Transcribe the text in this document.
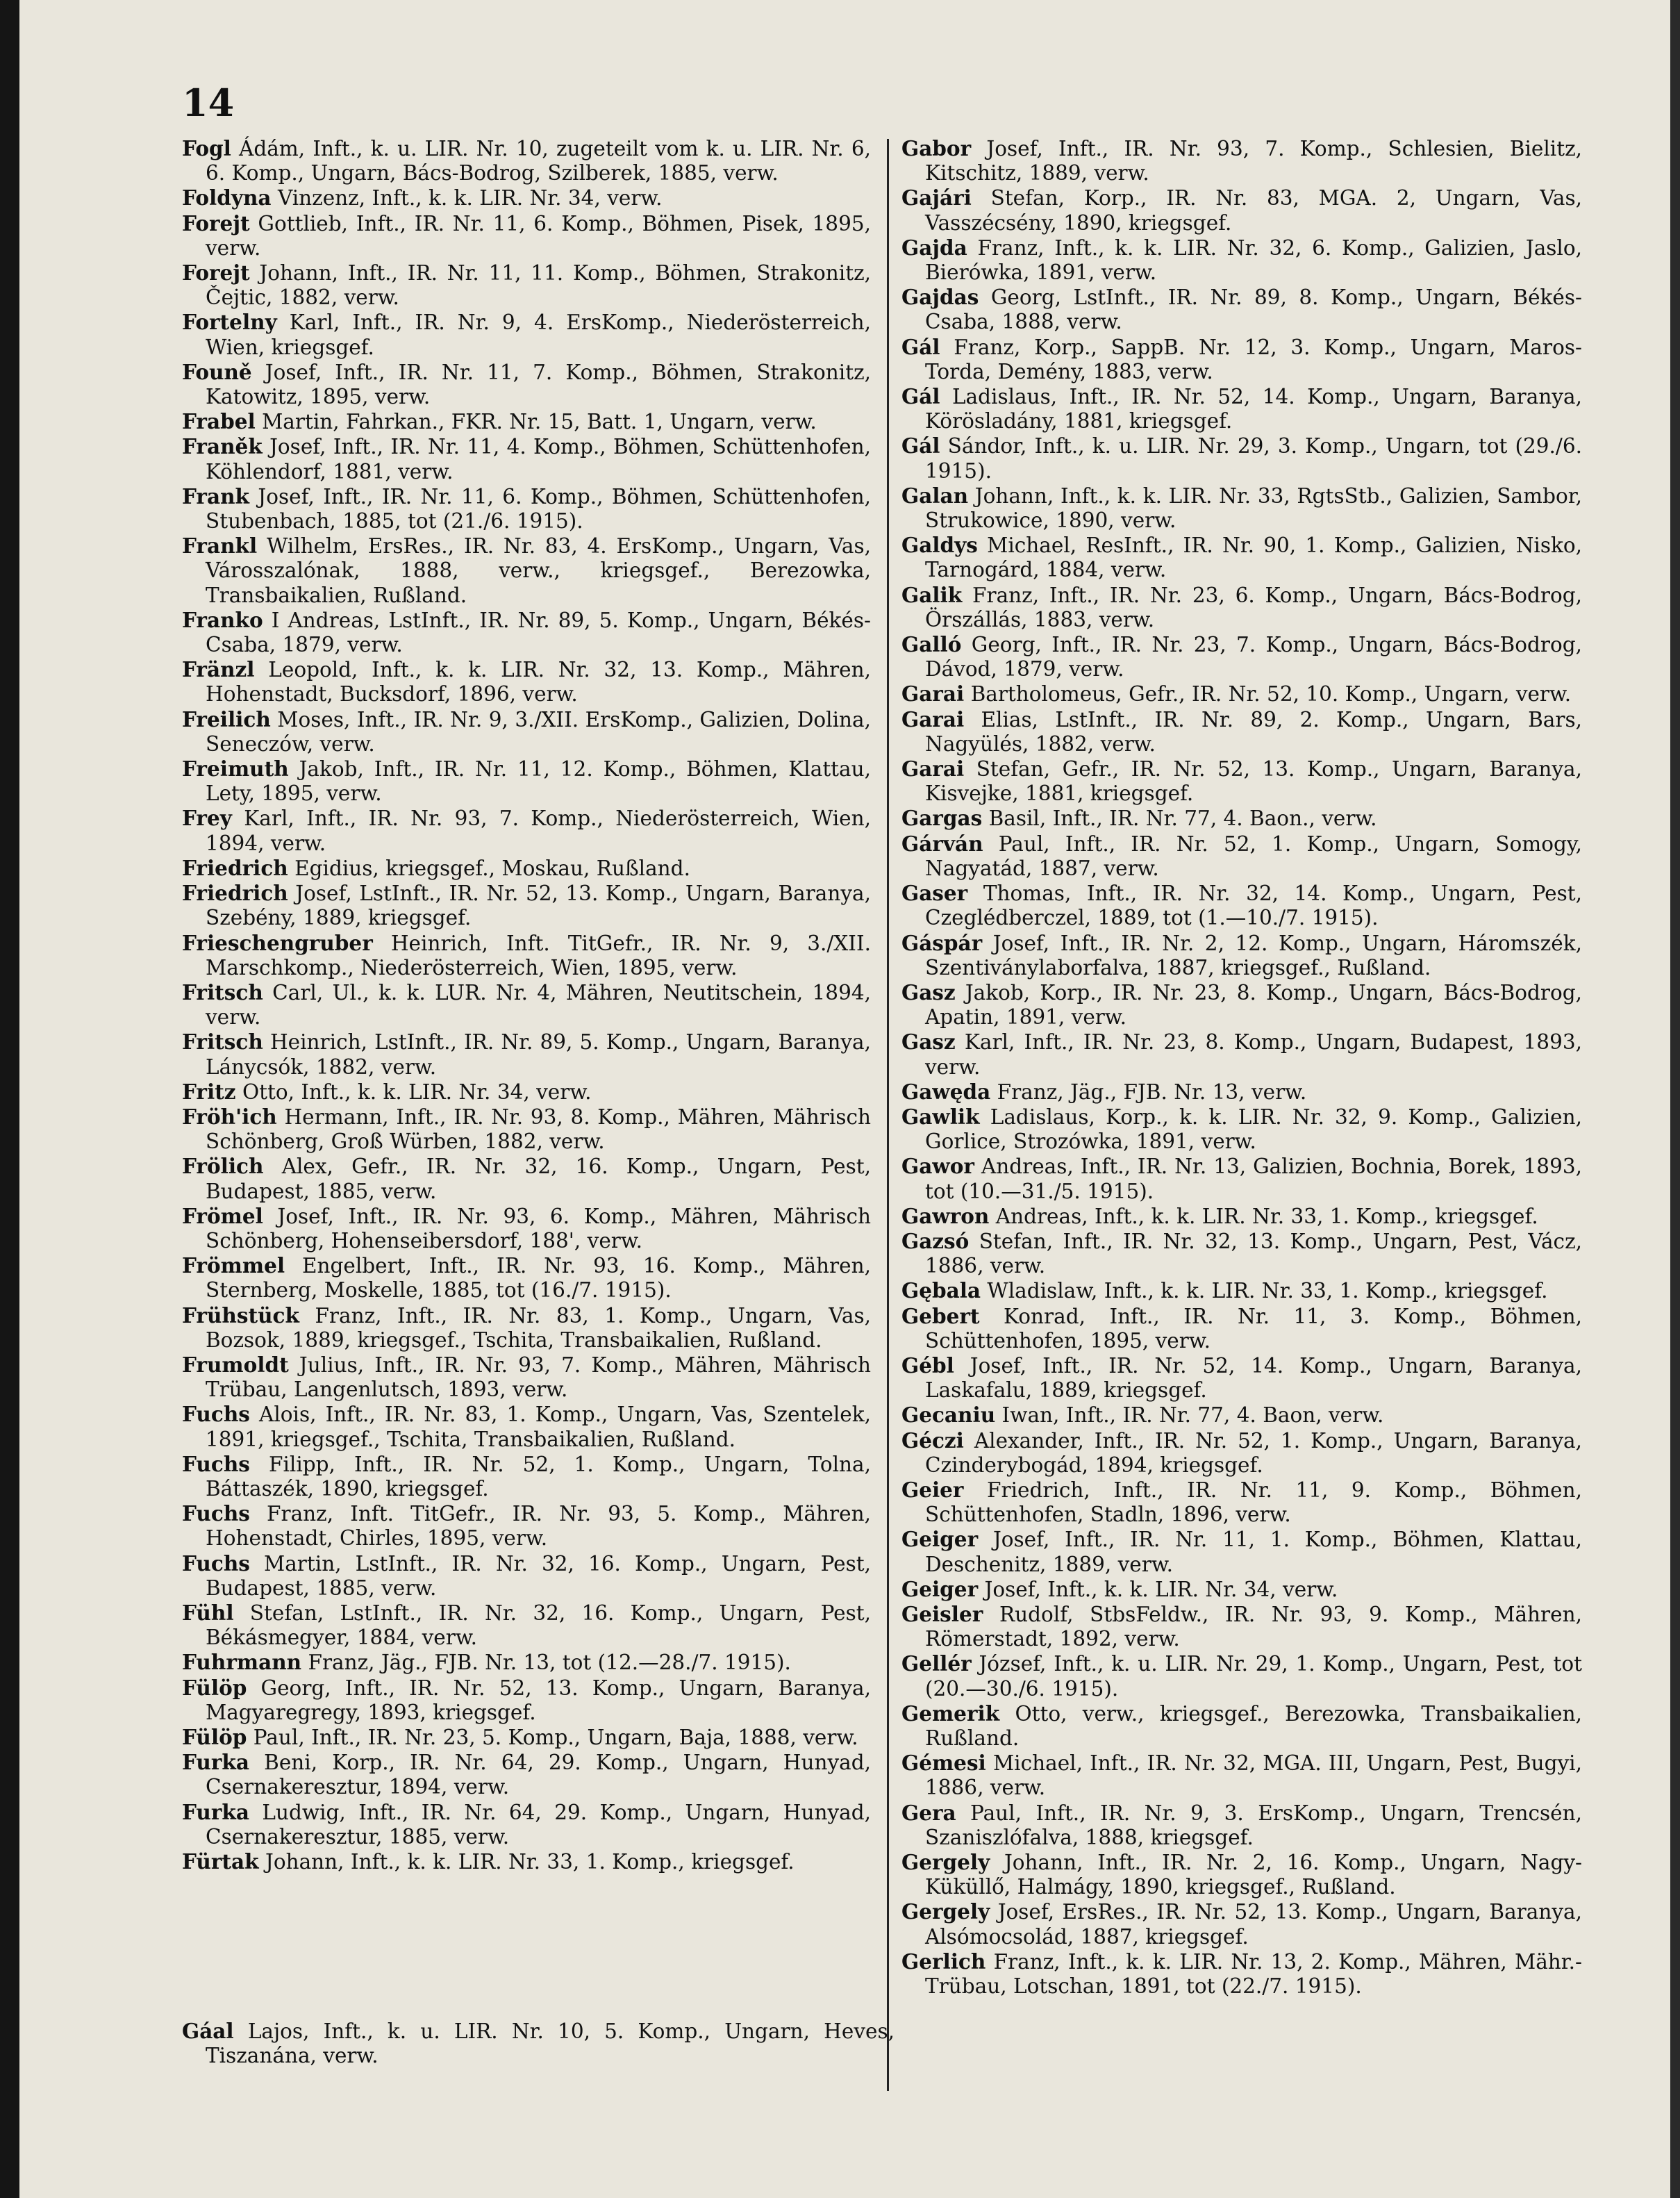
14
Fogl Ádám, Inft., k. u. LIR. Nr. 10, zugeteilt vom k. u. LIR. Nr. 6, 6. Komp., Ungarn, Bács-Bodrog, Szilberek, 1885, verw.
Foldyna Vinzenz, Inft., k. k. LIR. Nr. 34, verw.
Forejt Gottlieb, Inft., IR. Nr. 11, 6. Komp., Böhmen, Pisek, 1895, verw.
Forejt Johann, Inft., IR. Nr. 11, 11. Komp., Böhmen, Strakonitz, Čejtic, 1882, verw.
Fortelny Karl, Inft., IR. Nr. 9, 4. ErsKomp., Niederösterreich, Wien, kriegsgef.
Founě Josef, Inft., IR. Nr. 11, 7. Komp., Böhmen, Strakonitz, Katowitz, 1895, verw.
Frabel Martin, Fahrkan., FKR. Nr. 15, Batt. 1, Ungarn, verw.
Franěk Josef, Inft., IR. Nr. 11, 4. Komp., Böhmen, Schüttenhofen, Köhlendorf, 1881, verw.
Frank Josef, Inft., IR. Nr. 11, 6. Komp., Böhmen, Schüttenhofen, Stubenbach, 1885, tot (21./6. 1915).
Frankl Wilhelm, ErsRes., IR. Nr. 83, 4. ErsKomp., Ungarn, Vas, Városszalónak, 1888, verw., kriegsgef., Berezowka, Transbaikalien, Rußland.
Franko I Andreas, LstInft., IR. Nr. 89, 5. Komp., Ungarn, Békés-Csaba, 1879, verw.
Fränzl Leopold, Inft., k. k. LIR. Nr. 32, 13. Komp., Mähren, Hohenstadt, Bucksdorf, 1896, verw.
Freilich Moses, Inft., IR. Nr. 9, 3./XII. ErsKomp., Galizien, Dolina, Seneczów, verw.
Freimuth Jakob, Inft., IR. Nr. 11, 12. Komp., Böhmen, Klattau, Lety, 1895, verw.
Frey Karl, Inft., IR. Nr. 93, 7. Komp., Niederösterreich, Wien, 1894, verw.
Friedrich Egidius, kriegsgef., Moskau, Rußland.
Friedrich Josef, LstInft., IR. Nr. 52, 13. Komp., Ungarn, Baranya, Szebény, 1889, kriegsgef.
Frieschengruber Heinrich, Inft. TitGefr., IR. Nr. 9, 3./XII. Marschkomp., Niederösterreich, Wien, 1895, verw.
Fritsch Carl, Ul., k. k. LUR. Nr. 4, Mähren, Neutitschein, 1894, verw.
Fritsch Heinrich, LstInft., IR. Nr. 89, 5. Komp., Ungarn, Baranya, Lánycsók, 1882, verw.
Fritz Otto, Inft., k. k. LIR. Nr. 34, verw.
Fröh'ich Hermann, Inft., IR. Nr. 93, 8. Komp., Mähren, Mährisch Schönberg, Groß Würben, 1882, verw.
Frölich Alex, Gefr., IR. Nr. 32, 16. Komp., Ungarn, Pest, Budapest, 1885, verw.
Frömel Josef, Inft., IR. Nr. 93, 6. Komp., Mähren, Mährisch Schönberg, Hohenseibersdorf, 188', verw.
Frömmel Engelbert, Inft., IR. Nr. 93, 16. Komp., Mähren, Sternberg, Moskelle, 1885, tot (16./7. 1915).
Frühstück Franz, Inft., IR. Nr. 83, 1. Komp., Ungarn, Vas, Bozsok, 1889, kriegsgef., Tschita, Transbaikalien, Rußland.
Frumoldt Julius, Inft., IR. Nr. 93, 7. Komp., Mähren, Mährisch Trübau, Langenlutsch, 1893, verw.
Fuchs Alois, Inft., IR. Nr. 83, 1. Komp., Ungarn, Vas, Szentelek, 1891, kriegsgef., Tschita, Transbaikalien, Rußland.
Fuchs Filipp, Inft., IR. Nr. 52, 1. Komp., Ungarn, Tolna, Báttaszék, 1890, kriegsgef.
Fuchs Franz, Inft. TitGefr., IR. Nr. 93, 5. Komp., Mähren, Hohenstadt, Chirles, 1895, verw.
Fuchs Martin, LstInft., IR. Nr. 32, 16. Komp., Ungarn, Pest, Budapest, 1885, verw.
Fühl Stefan, LstInft., IR. Nr. 32, 16. Komp., Ungarn, Pest, Békásmegyer, 1884, verw.
Fuhrmann Franz, Jäg., FJB. Nr. 13, tot (12.—28./7. 1915).
Fülöp Georg, Inft., IR. Nr. 52, 13. Komp., Ungarn, Baranya, Magyaregregy, 1893, kriegsgef.
Fülöp Paul, Inft., IR. Nr. 23, 5. Komp., Ungarn, Baja, 1888, verw.
Furka Beni, Korp., IR. Nr. 64, 29. Komp., Ungarn, Hunyad, Csernakeresztur, 1894, verw.
Furka Ludwig, Inft., IR. Nr. 64, 29. Komp., Ungarn, Hunyad, Csernakeresztur, 1885, verw.
Fürtak Johann, Inft., k. k. LIR. Nr. 33, 1. Komp., kriegsgef.
Gabor Josef, Inft., IR. Nr. 93, 7. Komp., Schlesien, Bielitz, Kitschitz, 1889, verw.
Gajári Stefan, Korp., IR. Nr. 83, MGA. 2, Ungarn, Vas, Vasszécsény, 1890, kriegsgef.
Gajda Franz, Inft., k. k. LIR. Nr. 32, 6. Komp., Galizien, Jaslo, Bierówka, 1891, verw.
Gajdas Georg, LstInft., IR. Nr. 89, 8. Komp., Ungarn, Békés-Csaba, 1888, verw.
Gál Franz, Korp., SappB. Nr. 12, 3. Komp., Ungarn, Maros-Torda, Demény, 1883, verw.
Gál Ladislaus, Inft., IR. Nr. 52, 14. Komp., Ungarn, Baranya, Körösladány, 1881, kriegsgef.
Gál Sándor, Inft., k. u. LIR. Nr. 29, 3. Komp., Ungarn, tot (29./6. 1915).
Galan Johann, Inft., k. k. LIR. Nr. 33, RgtsStb., Galizien, Sambor, Strukowice, 1890, verw.
Galdys Michael, ResInft., IR. Nr. 90, 1. Komp., Galizien, Nisko, Tarnogárd, 1884, verw.
Galik Franz, Inft., IR. Nr. 23, 6. Komp., Ungarn, Bács-Bodrog, Örszállás, 1883, verw.
Galló Georg, Inft., IR. Nr. 23, 7. Komp., Ungarn, Bács-Bodrog, Dávod, 1879, verw.
Garai Bartholomeus, Gefr., IR. Nr. 52, 10. Komp., Ungarn, verw.
Garai Elias, LstInft., IR. Nr. 89, 2. Komp., Ungarn, Bars, Nagyülés, 1882, verw.
Garai Stefan, Gefr., IR. Nr. 52, 13. Komp., Ungarn, Baranya, Kisvejke, 1881, kriegsgef.
Gargas Basil, Inft., IR. Nr. 77, 4. Baon., verw.
Gárván Paul, Inft., IR. Nr. 52, 1. Komp., Ungarn, Somogy, Nagyatád, 1887, verw.
Gaser Thomas, Inft., IR. Nr. 32, 14. Komp., Ungarn, Pest, Czeglédberczel, 1889, tot (1.—10./7. 1915).
Gáspár Josef, Inft., IR. Nr. 2, 12. Komp., Ungarn, Háromszék, Szentiványlaborfalva, 1887, kriegsgef., Rußland.
Gasz Jakob, Korp., IR. Nr. 23, 8. Komp., Ungarn, Bács-Bodrog, Apatin, 1891, verw.
Gasz Karl, Inft., IR. Nr. 23, 8. Komp., Ungarn, Budapest, 1893, verw.
Gawęda Franz, Jäg., FJB. Nr. 13, verw.
Gawlik Ladislaus, Korp., k. k. LIR. Nr. 32, 9. Komp., Galizien, Gorlice, Strozówka, 1891, verw.
Gawor Andreas, Inft., IR. Nr. 13, Galizien, Bochnia, Borek, 1893, tot (10.—31./5. 1915).
Gawron Andreas, Inft., k. k. LIR. Nr. 33, 1. Komp., kriegsgef.
Gazsó Stefan, Inft., IR. Nr. 32, 13. Komp., Ungarn, Pest, Vácz, 1886, verw.
Gębala Wladislaw, Inft., k. k. LIR. Nr. 33, 1. Komp., kriegsgef.
Gebert Konrad, Inft., IR. Nr. 11, 3. Komp., Böhmen, Schüttenhofen, 1895, verw.
Gébl Josef, Inft., IR. Nr. 52, 14. Komp., Ungarn, Baranya, Laskafalu, 1889, kriegsgef.
Gecaniu Iwan, Inft., IR. Nr. 77, 4. Baon, verw.
Géczi Alexander, Inft., IR. Nr. 52, 1. Komp., Ungarn, Baranya, Czinderybogád, 1894, kriegsgef.
Geier Friedrich, Inft., IR. Nr. 11, 9. Komp., Böhmen, Schüttenhofen, Stadln, 1896, verw.
Geiger Josef, Inft., IR. Nr. 11, 1. Komp., Böhmen, Klattau, Deschenitz, 1889, verw.
Geiger Josef, Inft., k. k. LIR. Nr. 34, verw.
Geisler Rudolf, StbsFeldw., IR. Nr. 93, 9. Komp., Mähren, Römerstadt, 1892, verw.
Gellér József, Inft., k. u. LIR. Nr. 29, 1. Komp., Ungarn, Pest, tot (20.—30./6. 1915).
Gemerik Otto, verw., kriegsgef., Berezowka, Transbaikalien, Rußland.
Gémesi Michael, Inft., IR. Nr. 32, MGA. III, Ungarn, Pest, Bugyi, 1886, verw.
Gera Paul, Inft., IR. Nr. 9, 3. ErsKomp., Ungarn, Trencsén, Szaniszlófalva, 1888, kriegsgef.
Gergely Johann, Inft., IR. Nr. 2, 16. Komp., Ungarn, Nagy-Küküllő, Halmágy, 1890, kriegsgef., Rußland.
Gergely Josef, ErsRes., IR. Nr. 52, 13. Komp., Ungarn, Baranya, Alsómocsolád, 1887, kriegsgef.
Gerlich Franz, Inft., k. k. LIR. Nr. 13, 2. Komp., Mähren, Mähr.-Trübau, Lotschan, 1891, tot (22./7. 1915).
Gáal Lajos, Inft., k. u. LIR. Nr. 10, 5. Komp., Ungarn, Heves, Tiszanána, verw.
